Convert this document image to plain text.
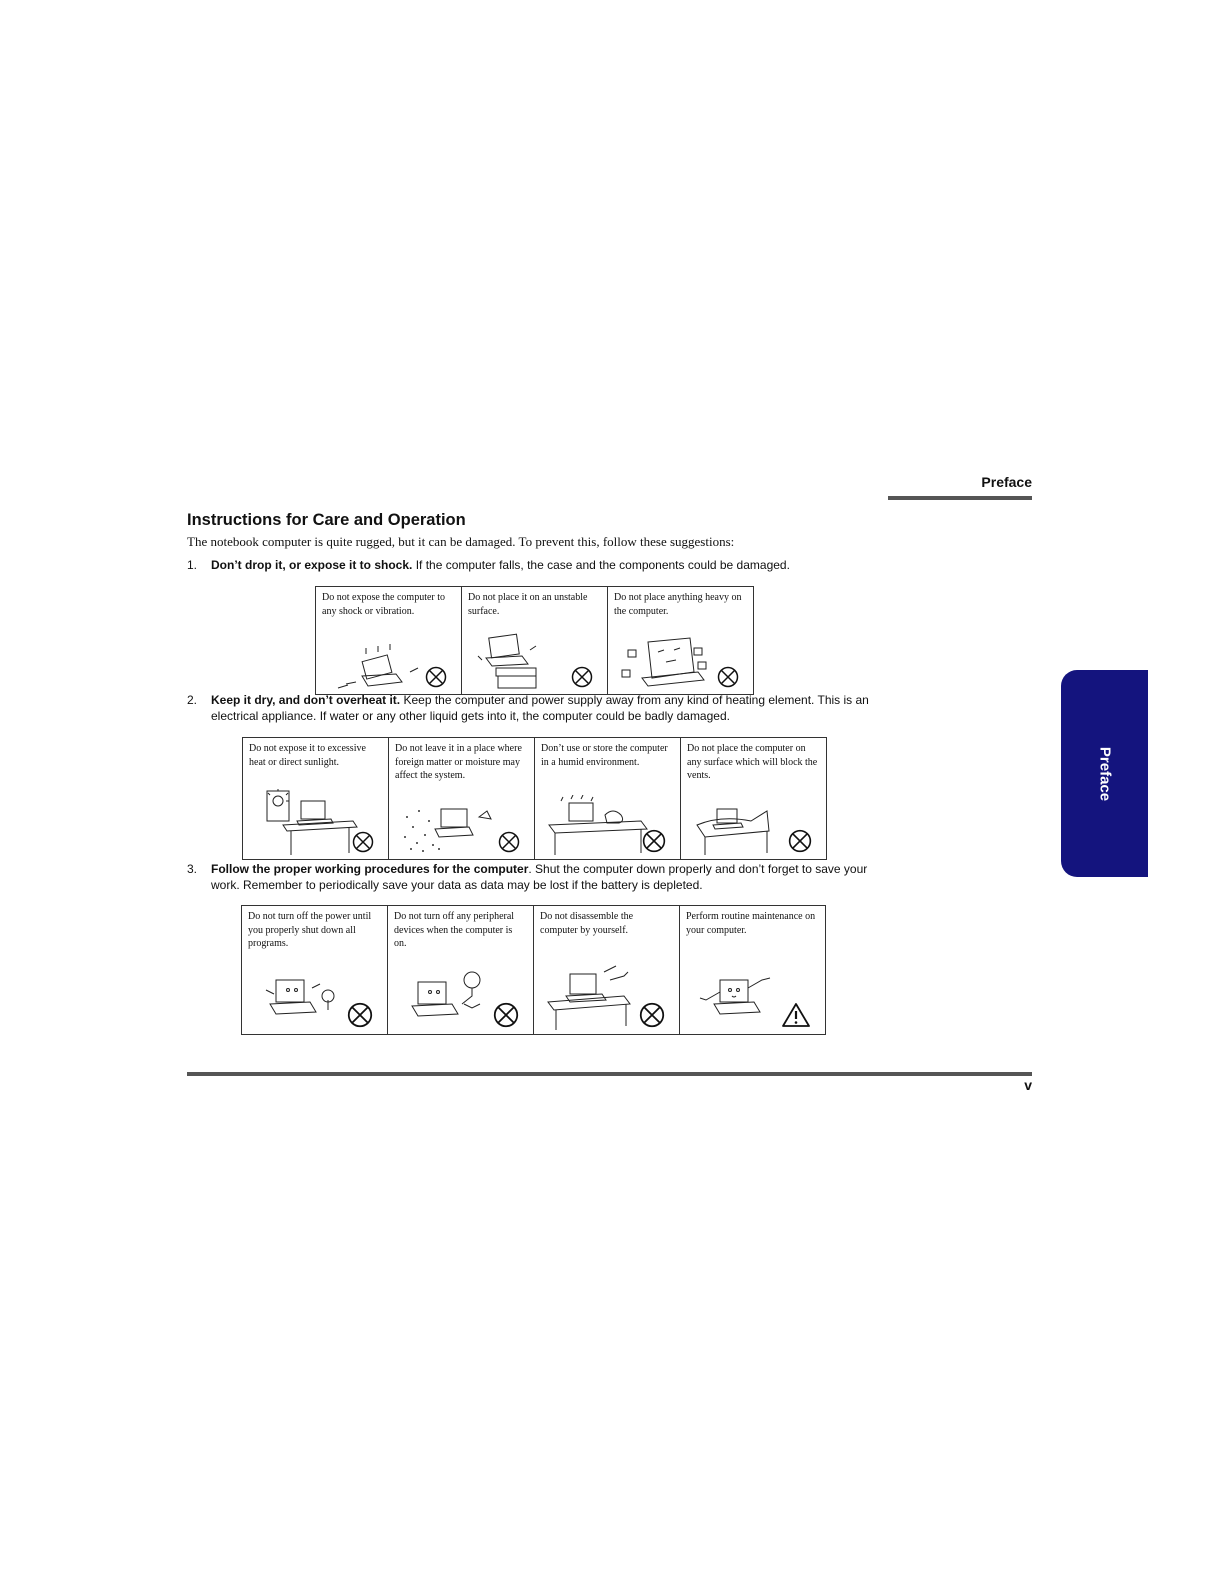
Preface
Preface
Instructions for Care and Operation
The notebook computer is quite rugged, but it can be damaged. To prevent this, follow these suggestions:
1. Don’t drop it, or expose it to shock. If the computer falls, the case and the components could be damaged.
Do not expose the computer to any shock or vibration.

Do not place it on an unstable surface.

Do not place anything heavy on the computer.
2. Keep it dry, and don’t overheat it. Keep the computer and power supply away from any kind of heating element. This is an electrical appliance. If water or any other liquid gets into it, the computer could be badly damaged.
Do not expose it to excessive heat or direct sunlight.

Do not leave it in a place where foreign matter or moisture may affect the system.

Don’t use or store the computer in a humid environment.

Do not place the computer on any surface which will block the vents.
3. Follow the proper working procedures for the computer. Shut the computer down properly and don’t forget to save your work. Remember to periodically save your data as data may be lost if the battery is depleted.
Do not turn off the power until you properly shut down all programs.

Do not turn off any peripheral devices when the computer is on.

Do not disassemble the computer by yourself.

Perform routine maintenance on your computer.
v
